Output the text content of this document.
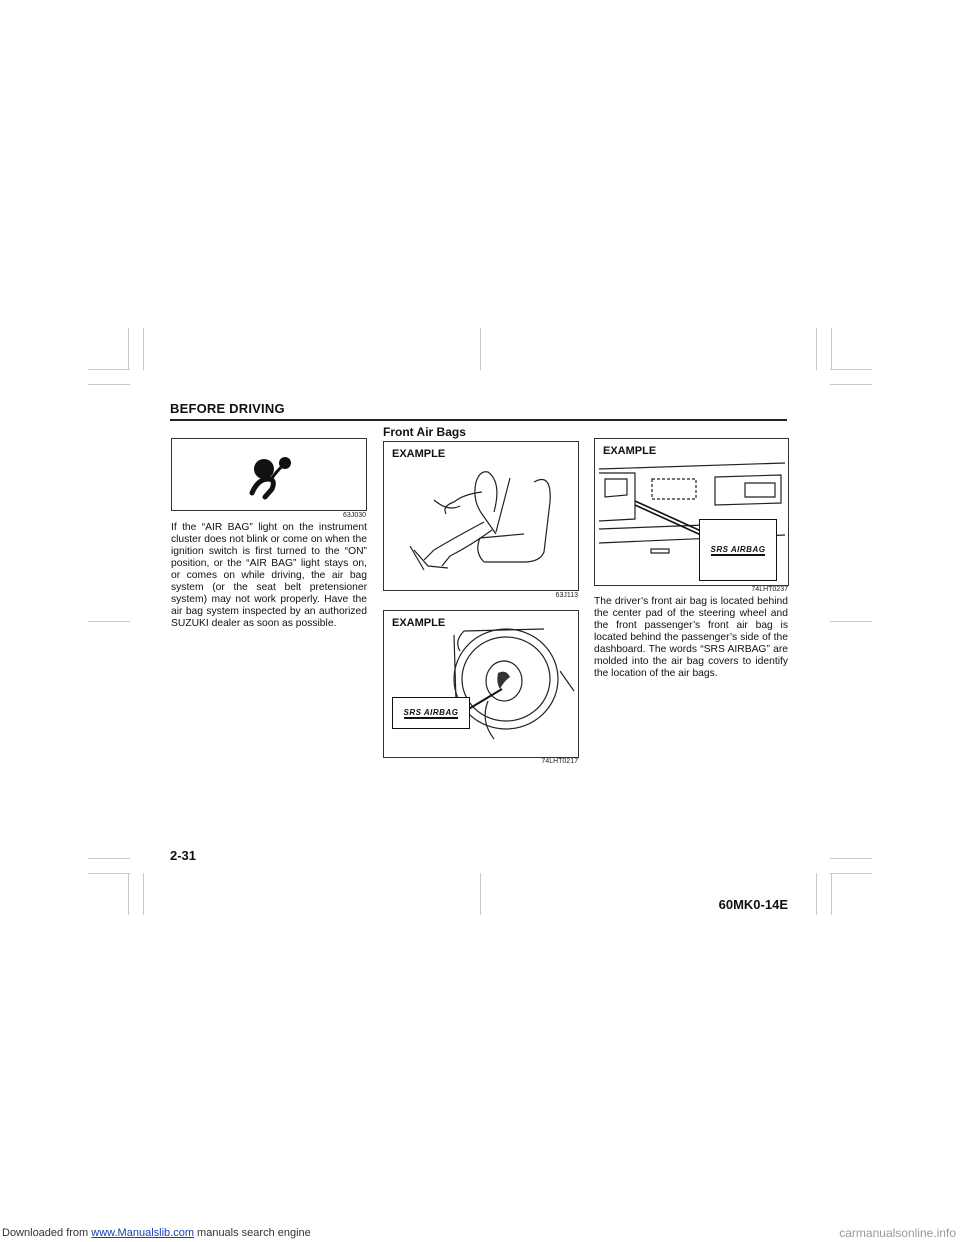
BEFORE DRIVING
63J030
If the “AIR BAG” light on the instrument cluster does not blink or come on when the ignition switch is first turned to the “ON” position, or the “AIR BAG” light stays on, or comes on while driving, the air bag system (or the seat belt pretensioner system) may not work properly. Have the air bag system inspected by an authorized SUZUKI dealer as soon as possible.
Front Air Bags
EXAMPLE
63J113
EXAMPLE
SRS AIRBAG
74LHT0217
EXAMPLE
SRS AIRBAG
74LHT0237
The driver’s front air bag is located behind the center pad of the steering wheel and the front passenger’s front air bag is located behind the passenger’s side of the dashboard. The words “SRS AIRBAG” are molded into the air bag covers to identify the location of the air bags.
2-31
60MK0-14E
Downloaded from www.Manualslib.com manuals search engine	carmanualsonline.info
